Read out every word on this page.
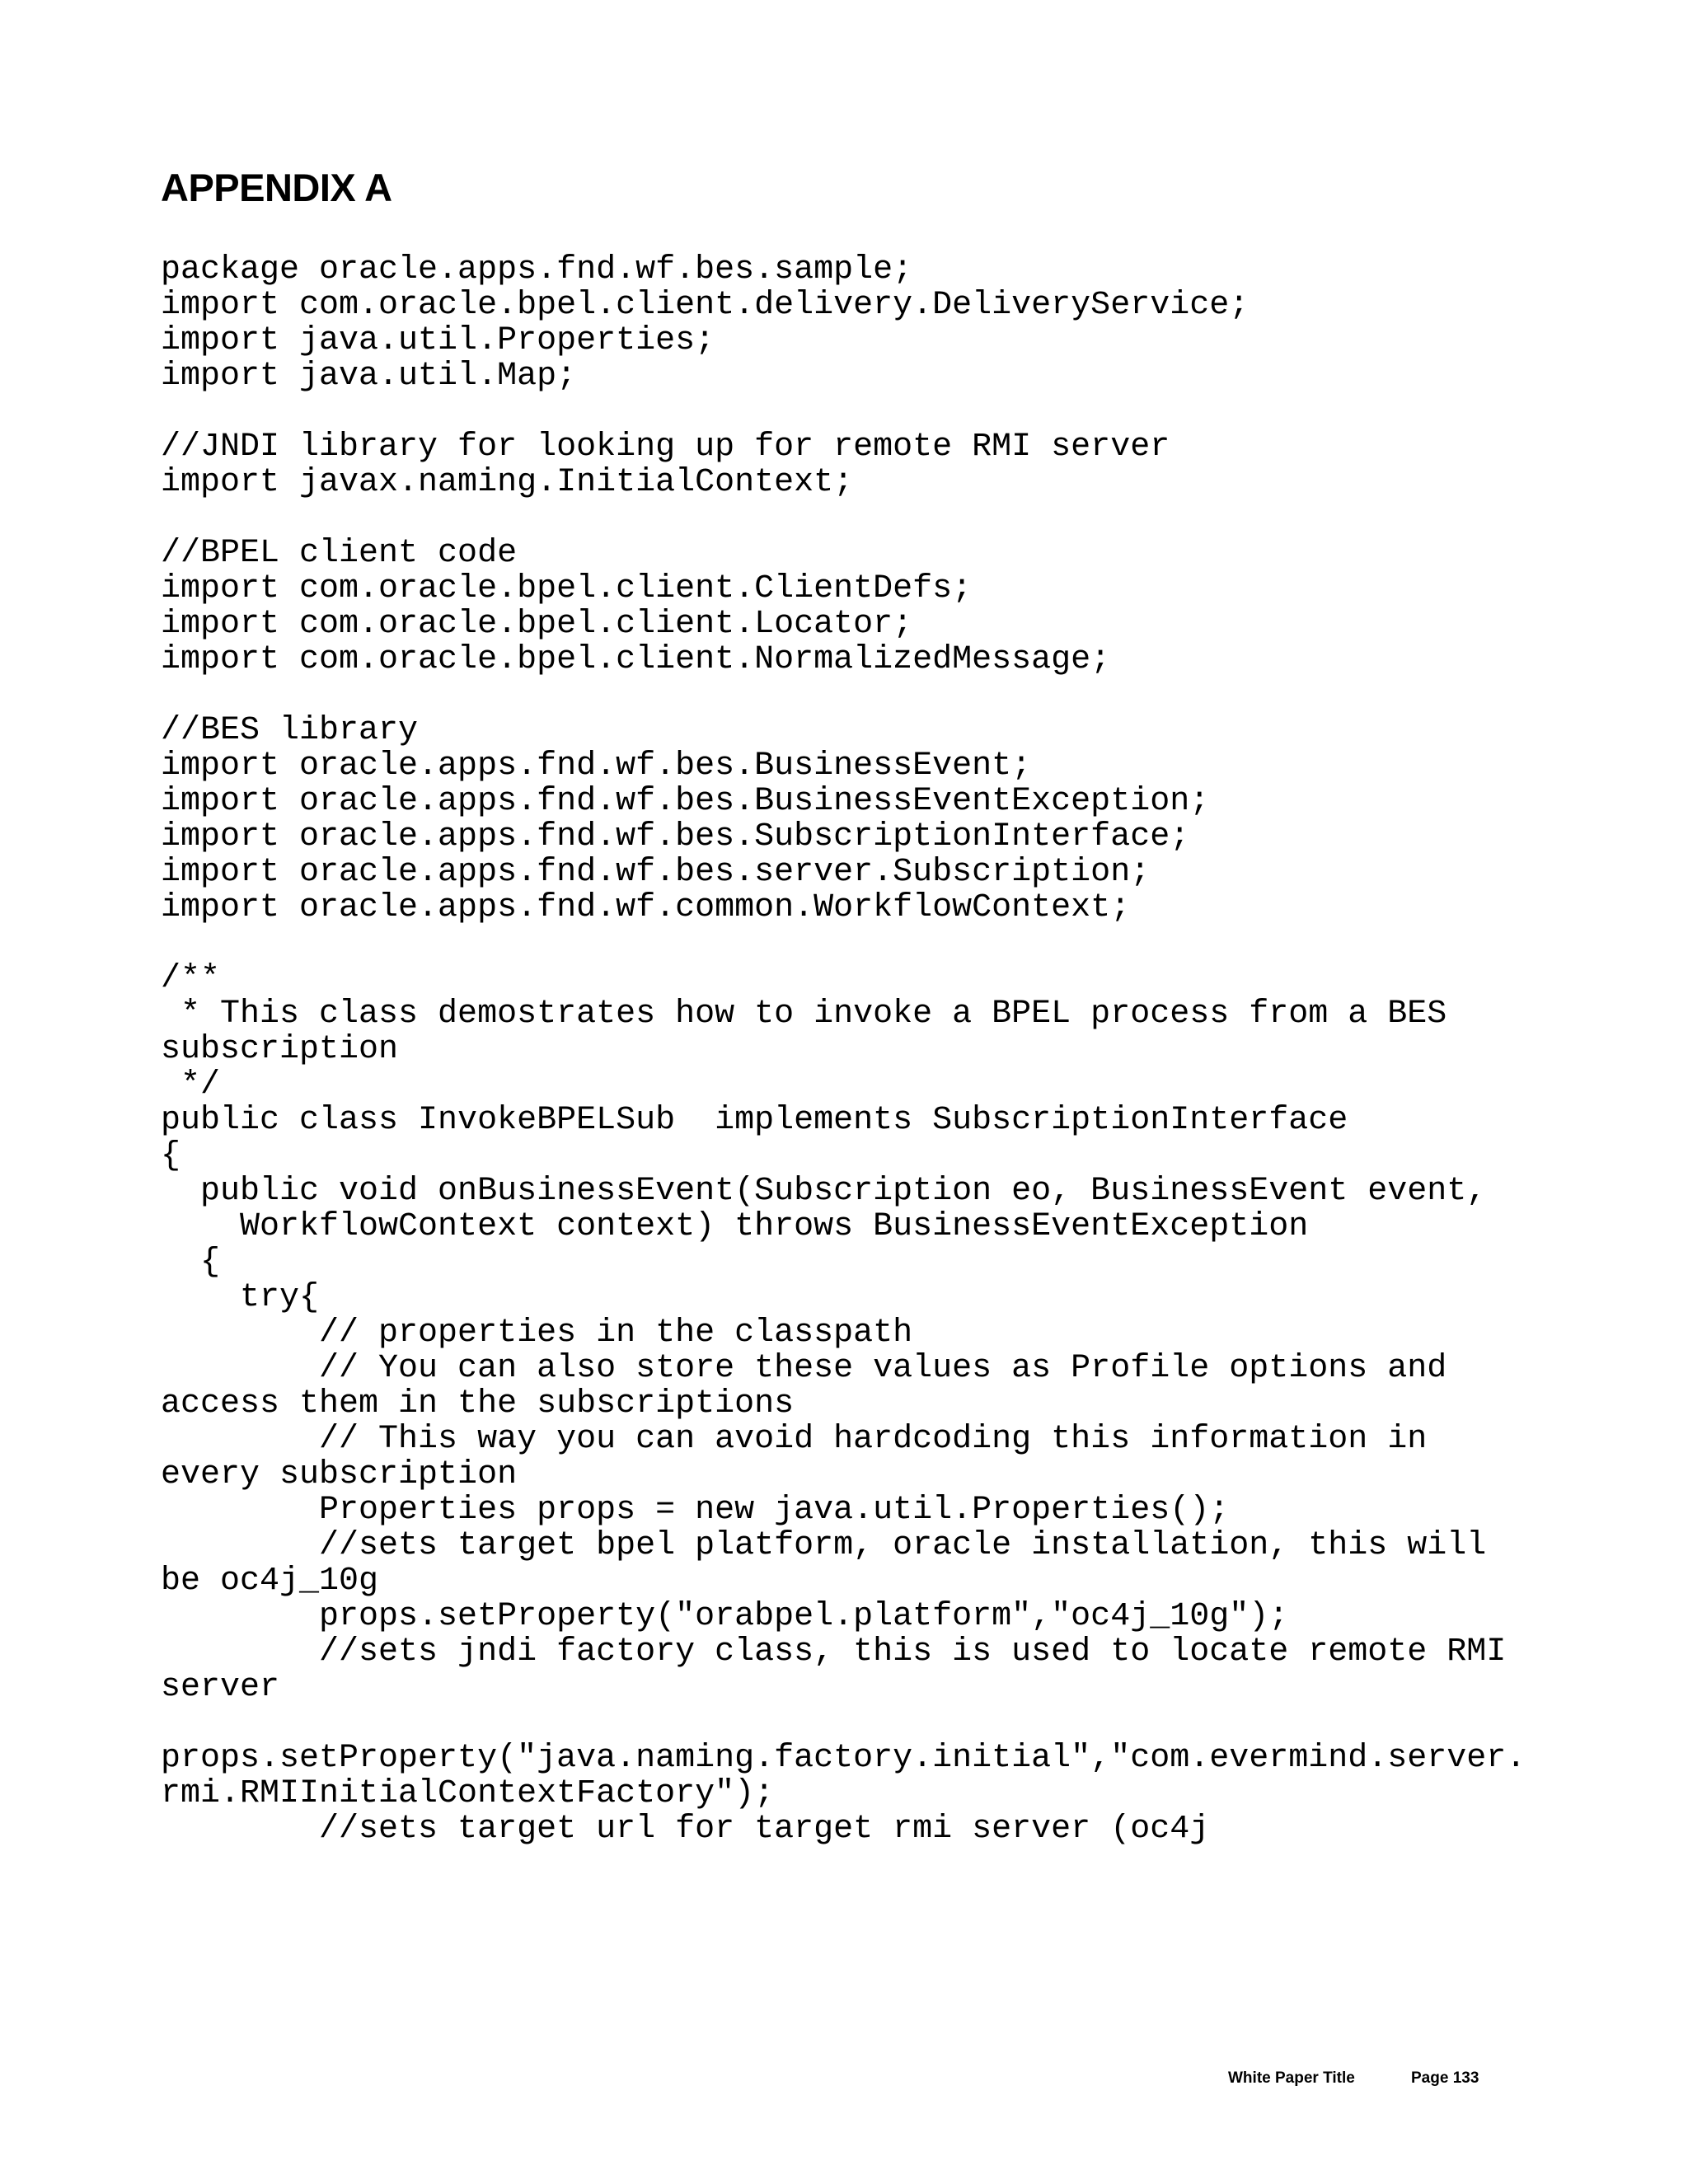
APPENDIX A
package oracle.apps.fnd.wf.bes.sample;
import com.oracle.bpel.client.delivery.DeliveryService;
import java.util.Properties;
import java.util.Map;
//JNDI library for looking up for remote RMI server
import javax.naming.InitialContext;
//BPEL client code
import com.oracle.bpel.client.ClientDefs;
import com.oracle.bpel.client.Locator;
import com.oracle.bpel.client.NormalizedMessage;
//BES library
import oracle.apps.fnd.wf.bes.BusinessEvent;
import oracle.apps.fnd.wf.bes.BusinessEventException;
import oracle.apps.fnd.wf.bes.SubscriptionInterface;
import oracle.apps.fnd.wf.bes.server.Subscription;
import oracle.apps.fnd.wf.common.WorkflowContext;
/**
* This class demostrates how to invoke a BPEL process from a BES
subscription
*/
public class InvokeBPELSub  implements SubscriptionInterface
{
public void onBusinessEvent(Subscription eo, BusinessEvent event,
WorkflowContext context) throws BusinessEventException
{
try{
// properties in the classpath
// You can also store these values as Profile options and
access them in the subscriptions
// This way you can avoid hardcoding this information in
every subscription
Properties props = new java.util.Properties();
//sets target bpel platform, oracle installation, this will
be oc4j_10g
props.setProperty("orabpel.platform","oc4j_10g");
//sets jndi factory class, this is used to locate remote RMI
server
props.setProperty("java.naming.factory.initial","com.evermind.server.
rmi.RMIInitialContextFactory");
//sets target url for target rmi server (oc4j
White Paper Title	Page 133
